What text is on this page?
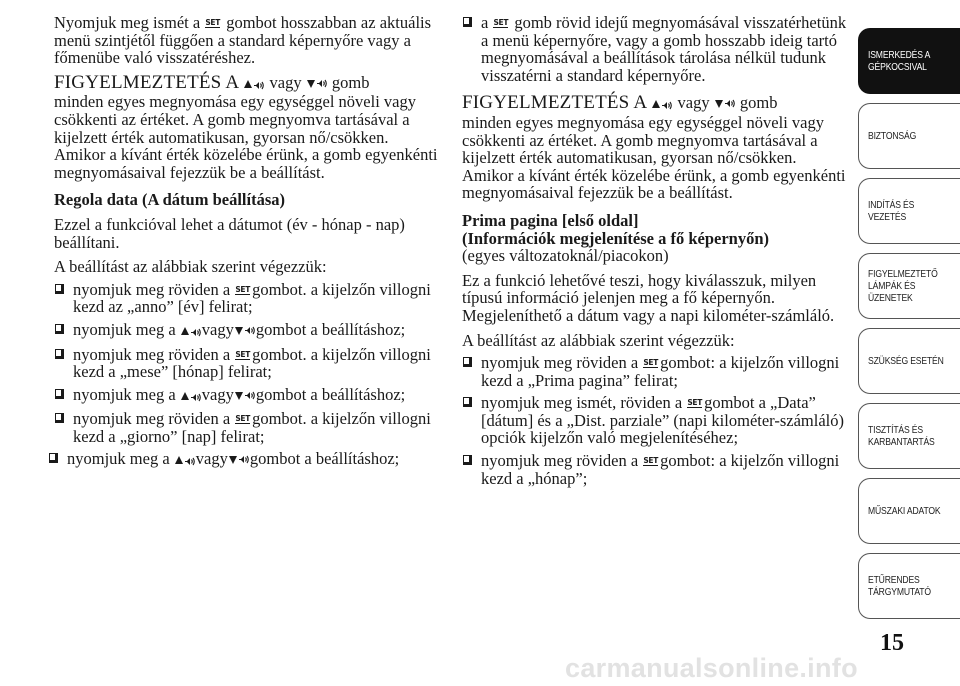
Nyomjuk meg ismét a SET gombot hosszabban az aktuális menü szintjétől függően a standard képernyőre vagy a főmenübe való visszatéréshez.

FIGYELMEZTETÉS A vagy gomb
minden egyes megnyomása egy egységgel növeli vagy csökkenti az értéket. A gomb megnyomva tartásával a kijelzett érték automatikusan, gyorsan nő/csökken. Amikor a kívánt érték közelébe érünk, a gomb egyenkénti megnyomásaival fejezzük be a beállítást.

Regola data (A dátum beállítása)

Ezzel a funkcióval lehet a dátumot (év - hónap - nap) beállítani.

A beállítást az alábbiak szerint végezzük:

nyomjuk meg röviden a SET gombot. a kijelzőn villogni kezd az „anno” [év] felirat;
nyomjuk meg a vagy gombot a beállításhoz;
nyomjuk meg röviden a SET gombot. a kijelzőn villogni kezd a „mese” [hónap] felirat;
nyomjuk meg a vagy gombot a beállításhoz;
nyomjuk meg röviden a SET gombot. a kijelzőn villogni kezd a „giorno” [nap] felirat;
nyomjuk meg a vagy gombot a beállításhoz;
a SET gomb rövid idejű megnyomásával visszatérhetünk a menü képernyőre, vagy a gomb hosszabb ideig tartó megnyomásával a beállítások tárolása nélkül tudunk visszatérni a standard képernyőre.

FIGYELMEZTETÉS A vagy gomb
minden egyes megnyomása egy egységgel növeli vagy csökkenti az értéket. A gomb megnyomva tartásával a kijelzett érték automatikusan, gyorsan nő/csökken. Amikor a kívánt érték közelébe érünk, a gomb egyenkénti megnyomásaival fejezzük be a beállítást.

Prima pagina [első oldal]
(Információk megjelenítése a fő képernyőn)
(egyes változatoknál/piacokon)

Ez a funkció lehetővé teszi, hogy kiválasszuk, milyen típusú információ jelenjen meg a fő képernyőn. Megjeleníthető a dátum vagy a napi kilométer-számláló.

A beállítást az alábbiak szerint végezzük:

nyomjuk meg röviden a SET gombot: a kijelzőn villogni kezd a „Prima pagina” felirat;
nyomjuk meg ismét, röviden a SET gombot a „Data” [dátum] és a „Dist. parziale” (napi kilométer-számláló) opciók kijelzőn való megjelenítéséhez;
nyomjuk meg röviden a SET gombot: a kijelzőn villogni kezd a „hónap”;
ISMERKEDÉS A
GÉPKOCSIVAL
BIZTONSÁG
INDÍTÁS ÉS
VEZETÉS
FIGYELMEZTETŐ
LÁMPÁK ÉS
ÜZENETEK
SZÜKSÉG ESETÉN
TISZTÍTÁS ÉS
KARBANTARTÁS
MŰSZAKI ADATOK
ETŰRENDES
TÁRGYMUTATÓ
15
carmanualsonline.info
